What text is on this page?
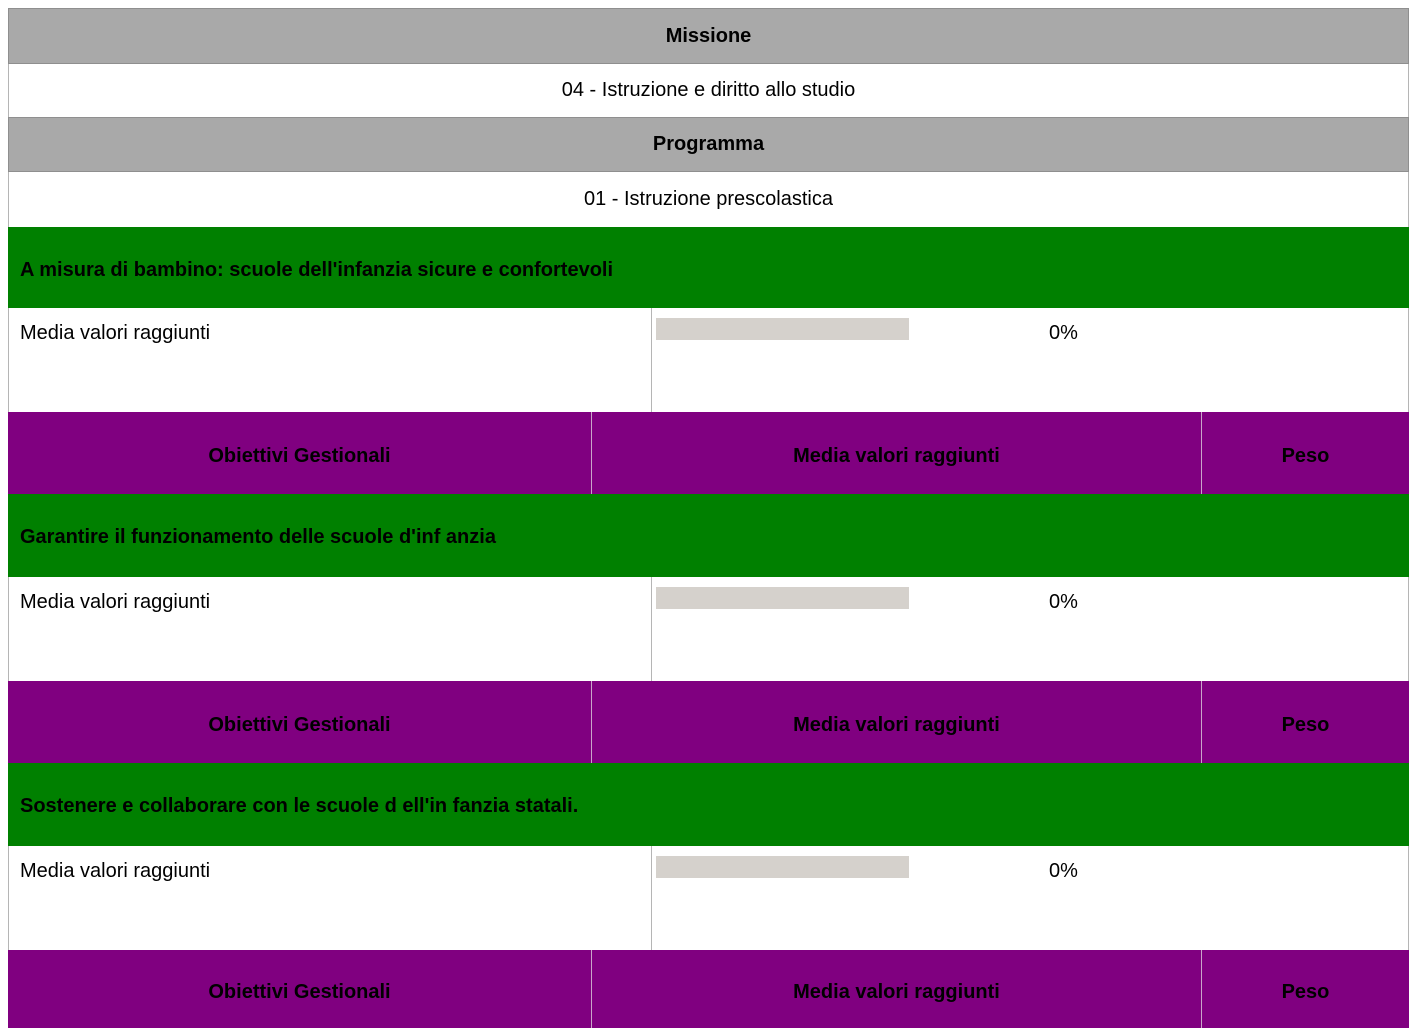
Missione
04 - Istruzione e diritto allo studio
Programma
01 - Istruzione prescolastica
A misura di bambino: scuole dell'infanzia sicure e confortevoli
Media valori raggiunti	0%
Obiettivi Gestionali	Media valori raggiunti	Peso
Garantire il funzionamento delle scuole d'inf anzia
Media valori raggiunti	0%
Obiettivi Gestionali	Media valori raggiunti	Peso
Sostenere e collaborare con le scuole d ell'in fanzia statali.
Media valori raggiunti	0%
Obiettivi Gestionali	Media valori raggiunti	Peso
